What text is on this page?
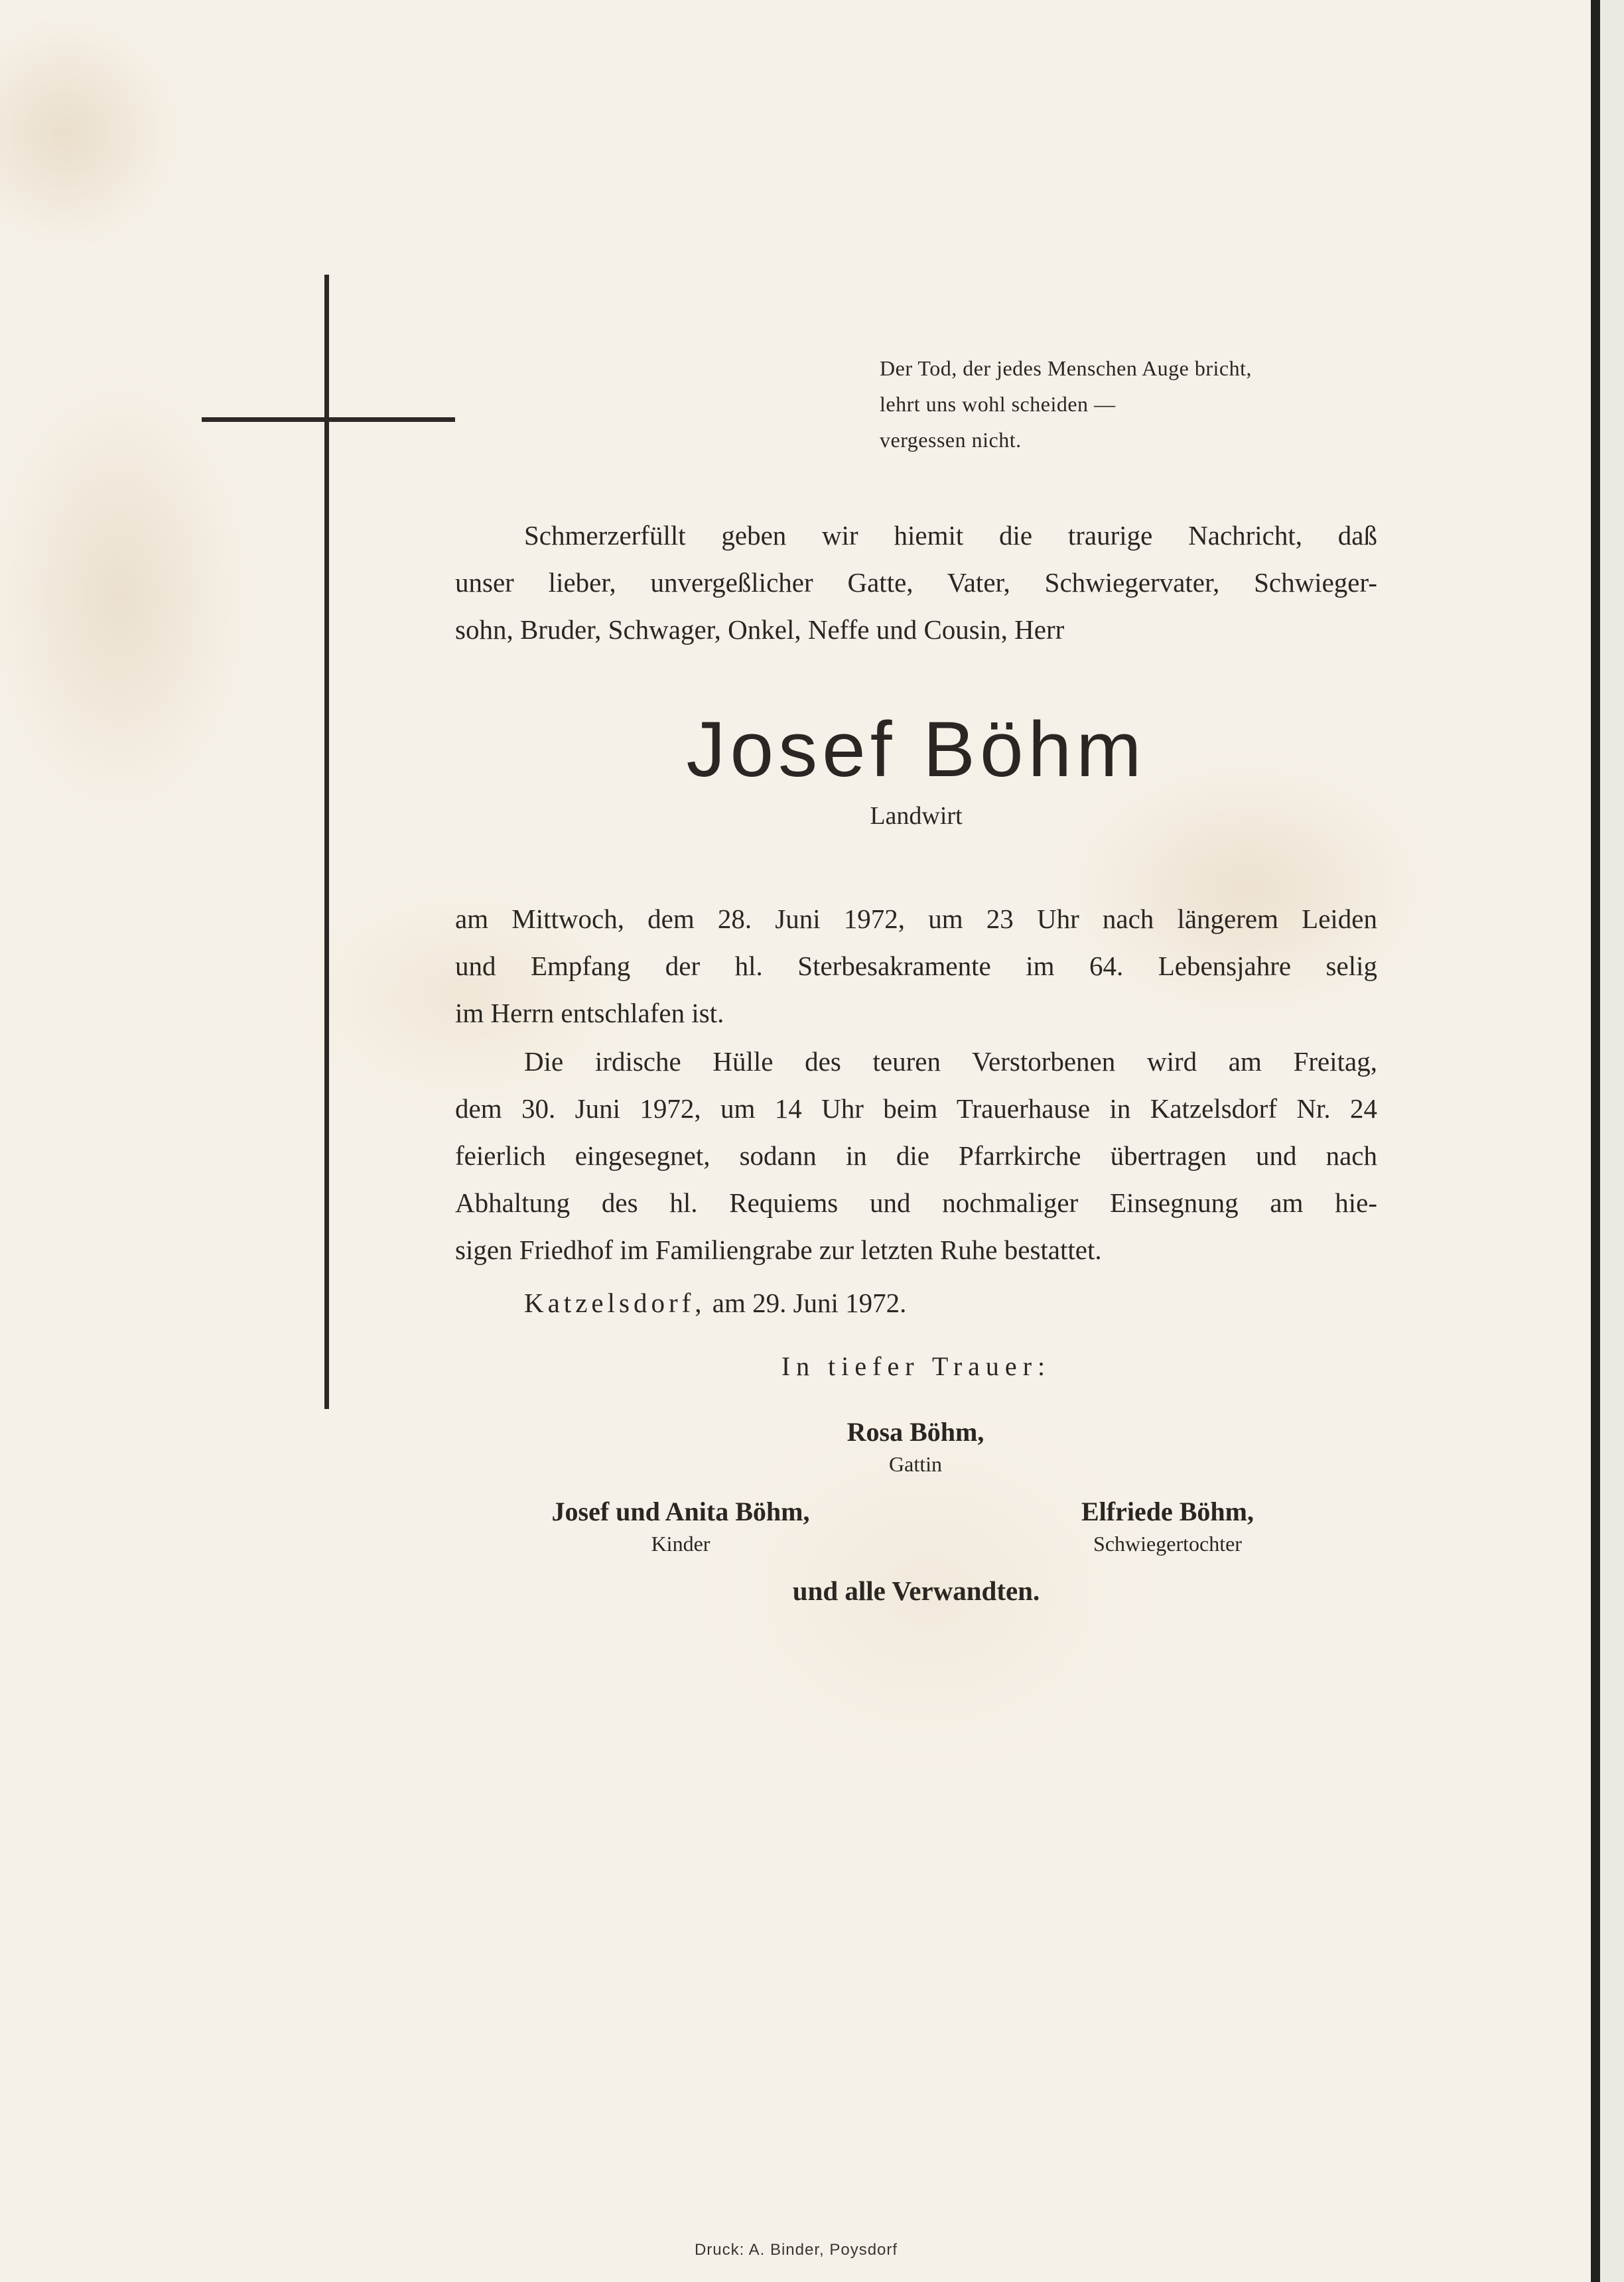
Der Tod, der jedes Menschen Auge bricht,
lehrt uns wohl scheiden —
vergessen nicht.
Schmerzerfüllt geben wir hiemit die traurige Nachricht, daß
unser lieber, unvergeßlicher Gatte, Vater, Schwiegervater, Schwieger-
sohn, Bruder, Schwager, Onkel, Neffe und Cousin, Herr
Josef Böhm
Landwirt
am Mittwoch, dem 28. Juni 1972, um 23 Uhr nach längerem Leiden
und Empfang der hl. Sterbesakramente im 64. Lebensjahre selig
im Herrn entschlafen ist.
Die irdische Hülle des teuren Verstorbenen wird am Freitag,
dem 30. Juni 1972, um 14 Uhr beim Trauerhause in Katzelsdorf Nr. 24
feierlich eingesegnet, sodann in die Pfarrkirche übertragen und nach
Abhaltung des hl. Requiems und nochmaliger Einsegnung am hie-
sigen Friedhof im Familiengrabe zur letzten Ruhe bestattet.
Katzelsdorf, am 29. Juni 1972.
In tiefer Trauer:
Rosa Böhm,
Gattin
Josef und Anita Böhm,
Kinder
Elfriede Böhm,
Schwiegertochter
und alle Verwandten.
Druck: A. Binder, Poysdorf
